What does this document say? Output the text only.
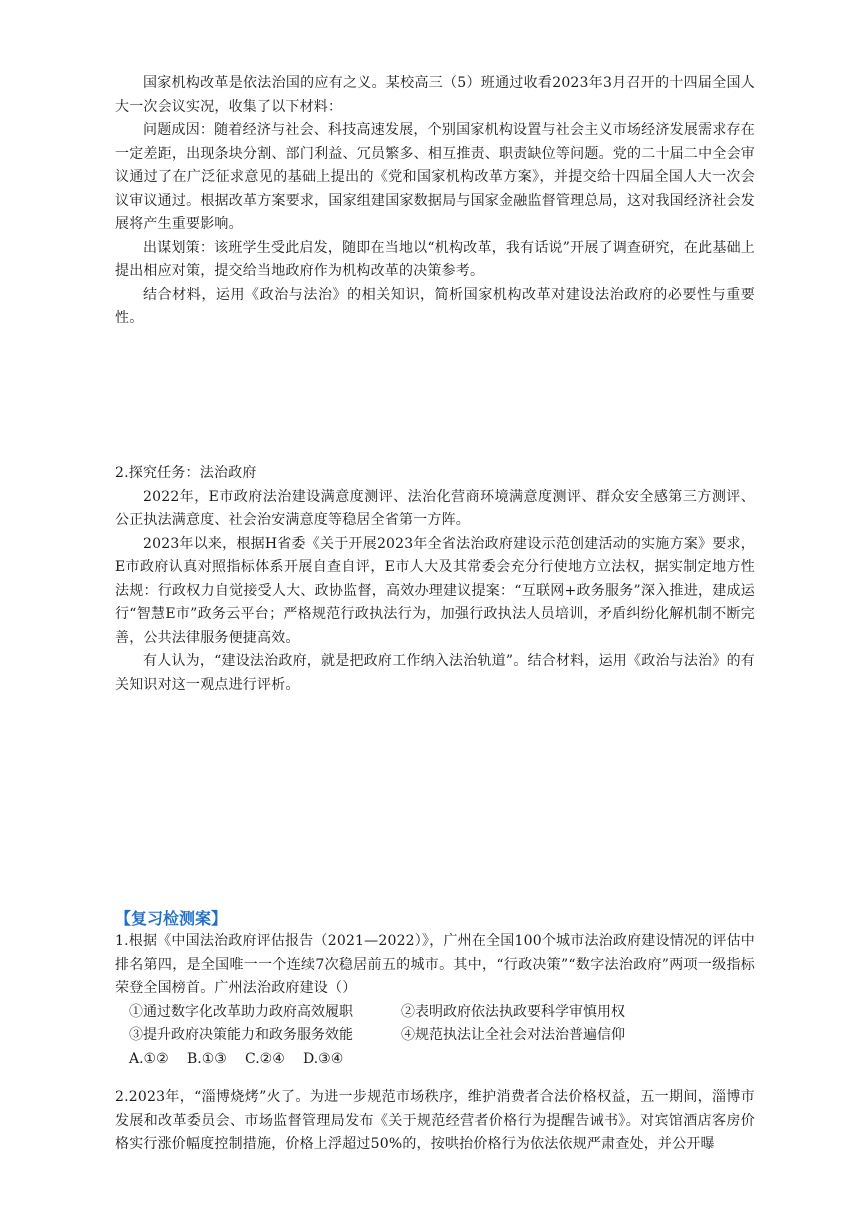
国家机构改革是依法治国的应有之义。某校高三（5）班通过收看2023年3月召开的十四届全国人大一次会议实况，收集了以下材料：

问题成因：随着经济与社会、科技高速发展，个别国家机构设置与社会主义市场经济发展需求存在一定差距，出现条块分割、部门利益、冗员繁多、相互推责、职责缺位等问题。党的二十届二中全会审议通过了在广泛征求意见的基础上提出的《党和国家机构改革方案》，并提交给十四届全国人大一次会议审议通过。根据改革方案要求，国家组建国家数据局与国家金融监督管理总局，这对我国经济社会发展将产生重要影响。

出谋划策：该班学生受此启发，随即在当地以“机构改革，我有话说”开展了调查研究，在此基础上提出相应对策，提交给当地政府作为机构改革的决策参考。

结合材料，运用《政治与法治》的相关知识，简析国家机构改革对建设法治政府的必要性与重要性。

2.探究任务：法治政府

2022年，E市政府法治建设满意度测评、法治化营商环境满意度测评、群众安全感第三方测评、公正执法满意度、社会治安满意度等稳居全省第一方阵。

2023年以来，根据H省委《关于开展2023年全省法治政府建设示范创建活动的实施方案》要求，E市政府认真对照指标体系开展自查自评，E市人大及其常委会充分行使地方立法权，据实制定地方性法规：行政权力自觉接受人大、政协监督，高效办理建议提案：“互联网+政务服务”深入推进，建成运行“智慧E市”政务云平台；严格规范行政执法行为，加强行政执法人员培训，矛盾纠纷化解机制不断完善，公共法律服务便捷高效。

有人认为，“建设法治政府，就是把政府工作纳入法治轨道”。结合材料，运用《政治与法治》的有关知识对这一观点进行评析。

【复习检测案】

1.根据《中国法治政府评估报告（2021—2022）》，广州在全国100个城市法治政府建设情况的评估中排名第四，是全国唯一一个连续7次稳居前五的城市。其中，“行政决策”“数字法治政府”两项一级指标荣登全国榜首。广州法治政府建设（）

①通过数字化改革助力政府高效履职	②表明政府依法执政要科学审慎用权
③提升政府决策能力和政务服务效能	④规范执法让全社会对法治普遍信仰
A.①②	B.①③	C.②④	D.③④

2.2023年，“淄博烧烤”火了。为进一步规范市场秩序，维护消费者合法价格权益，五一期间，淄博市发展和改革委员会、市场监督管理局发布《关于规范经营者价格行为提醒告诫书》。对宾馆酒店客房价格实行涨价幅度控制措施，价格上浮超过50%的，按哄抬价格行为依法依规严肃查处，并公开曝
